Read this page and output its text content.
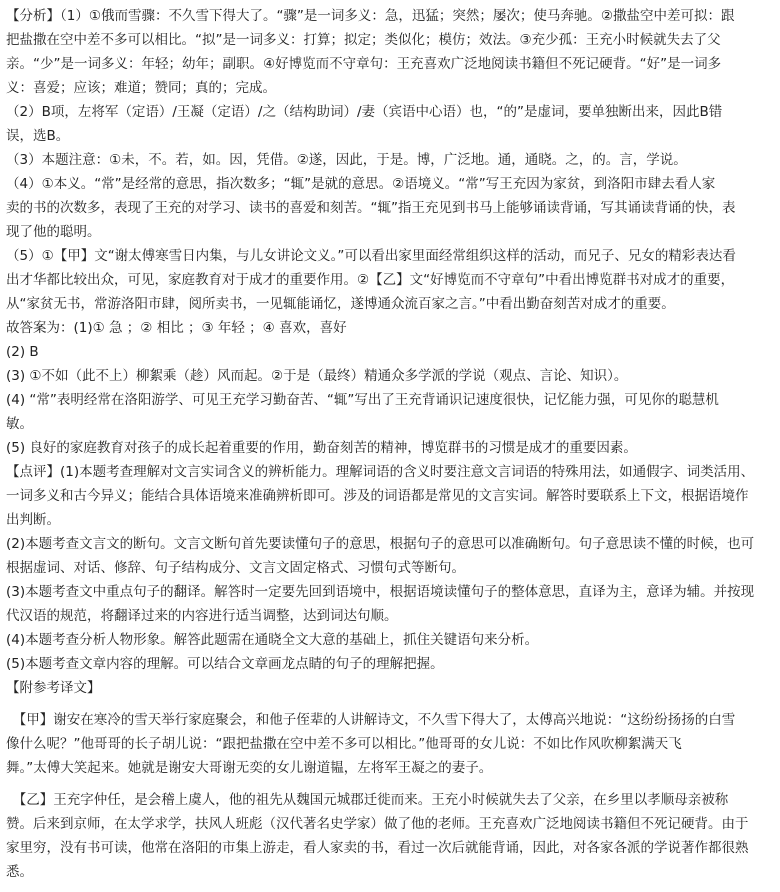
【分析】（1）①俄而雪骤：不久雪下得大了。“骤”是一词多义：急，迅猛；突然；屡次；使马奔驰。②撒盐空中差可拟：跟
把盐撒在空中差不多可以相比。“拟”是一词多义：打算；拟定；类似化；模仿；效法。③充少孤：王充小时候就失去了父
亲。“少”是一词多义：年轻；幼年；副职。④好博览而不守章句：王充喜欢广泛地阅读书籍但不死记硬背。“好”是一词多
义：喜爱；应该；难道；赞同；真的；完成。
（2）B项，左将军（定语）/王凝（定语）/之（结构助词）/妻（宾语中心语）也，“的”是虚词，要单独断出来，因此B错
误，选B。
（3）本题注意：①未，不。若，如。因，凭借。②遂，因此，于是。博，广泛地。通，通晓。之，的。言，学说。
（4）①本义。“常”是经常的意思，指次数多；“辄”是就的意思。②语境义。“常”写王充因为家贫，到洛阳市肆去看人家
卖的书的次数多，表现了王充的对学习、读书的喜爱和刻苦。“辄”指王充见到书马上能够诵读背诵，写其诵读背诵的快，表
现了他的聪明。
（5）①【甲】文“谢太傅寒雪日内集，与儿女讲论文义。”可以看出家里面经常组织这样的活动，而兄子、兄女的精彩表达看
出才华都比较出众，可见，家庭教育对于成才的重要作用。②【乙】文“好博览而不守章句”中看出博览群书对成才的重要，
从“家贫无书，常游洛阳市肆，阅所卖书，一见辄能诵忆，遂博通众流百家之言。”中看出勤奋刻苦对成才的重要。
故答案为：(1)① 急 ；② 相比 ；③ 年轻 ；④ 喜欢，喜好
(2) B
(3) ①不如（此不上）柳絮乘（趁）风而起。②于是（最终）精通众多学派的学说（观点、言论、知识）。
(4) “常”表明经常在洛阳游学、可见王充学习勤奋苦、“辄”写出了王充背诵识记速度很快，记忆能力强，可见你的聪慧机
敏。
(5) 良好的家庭教育对孩子的成长起着重要的作用，勤奋刻苦的精神，博览群书的习惯是成才的重要因素。
【点评】(1)本题考查理解对文言实词含义的辨析能力。理解词语的含义时要注意文言词语的特殊用法，如通假字、词类活用、
一词多义和古今异义；能结合具体语境来准确辨析即可。涉及的词语都是常见的文言实词。解答时要联系上下文，根据语境作
出判断。
(2)本题考查文言文的断句。文言文断句首先要读懂句子的意思，根据句子的意思可以准确断句。句子意思读不懂的时候，也可
根据虚词、对话、修辞、句子结构成分、文言文固定格式、习惯句式等断句。
(3)本题考查文中重点句子的翻译。解答时一定要先回到语境中，根据语境读懂句子的整体意思，直译为主，意译为辅。并按现
代汉语的规范，将翻译过来的内容进行适当调整，达到词达句顺。
(4)本题考查分析人物形象。解答此题需在通晓全文大意的基础上，抓住关键语句来分析。
(5)本题考查文章内容的理解。可以结合文章画龙点睛的句子的理解把握。
【附参考译文】
　【甲】谢安在寒冷的雪天举行家庭聚会，和他子侄辈的人讲解诗文，不久雪下得大了，太傅高兴地说：“这纷纷扬扬的白雪
像什么呢？”他哥哥的长子胡儿说：“跟把盐撒在空中差不多可以相比。”他哥哥的女儿说：不如比作风吹柳絮满天飞
舞。”太傅大笑起来。她就是谢安大哥谢无奕的女儿谢道韫，左将军王凝之的妻子。
　【乙】王充字仲任，是会稽上虞人，他的祖先从魏国元城郡迁徙而来。王充小时候就失去了父亲，在乡里以孝顺母亲被称
赞。后来到京师，在太学求学，扶风人班彪（汉代著名史学家）做了他的老师。王充喜欢广泛地阅读书籍但不死记硬背。由于
家里穷，没有书可读，他常在洛阳的市集上游走，看人家卖的书，看过一次后就能背诵，因此，对各家各派的学说著作都很熟
悉。
